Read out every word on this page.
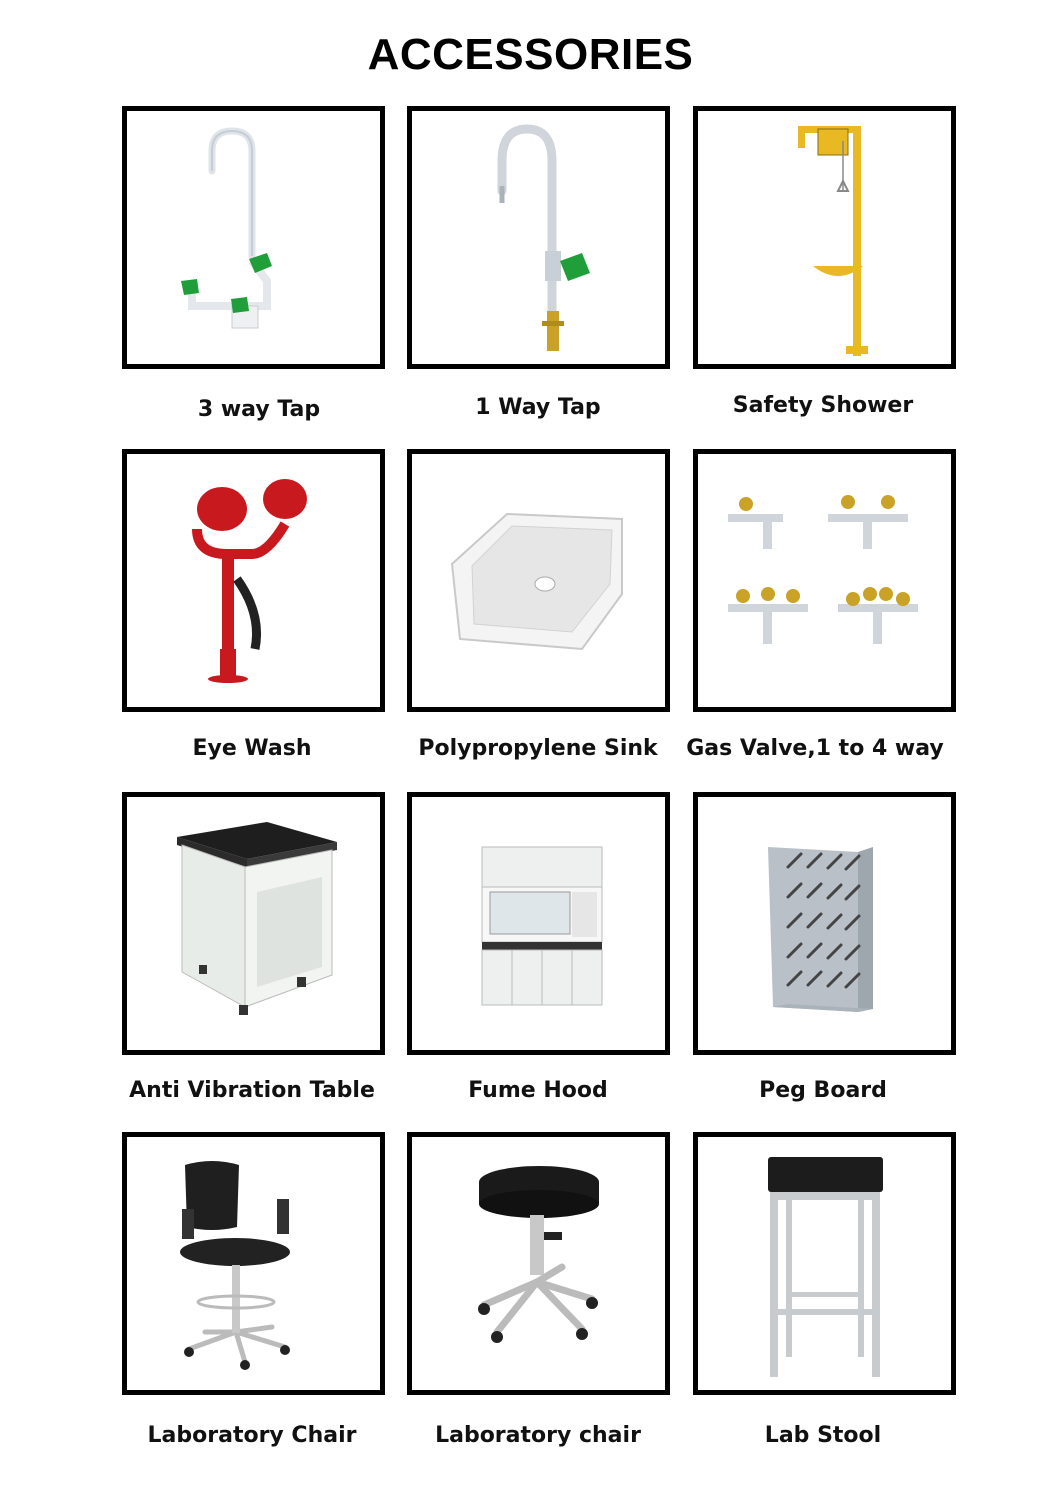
ACCESSORIES
3 way Tap	1 Way Tap	Safety Shower
Eye Wash	Polypropylene Sink	Gas Valve,1 to 4 way
Anti Vibration Table	Fume Hood	Peg Board
Laboratory Chair	Laboratory chair	Lab Stool
